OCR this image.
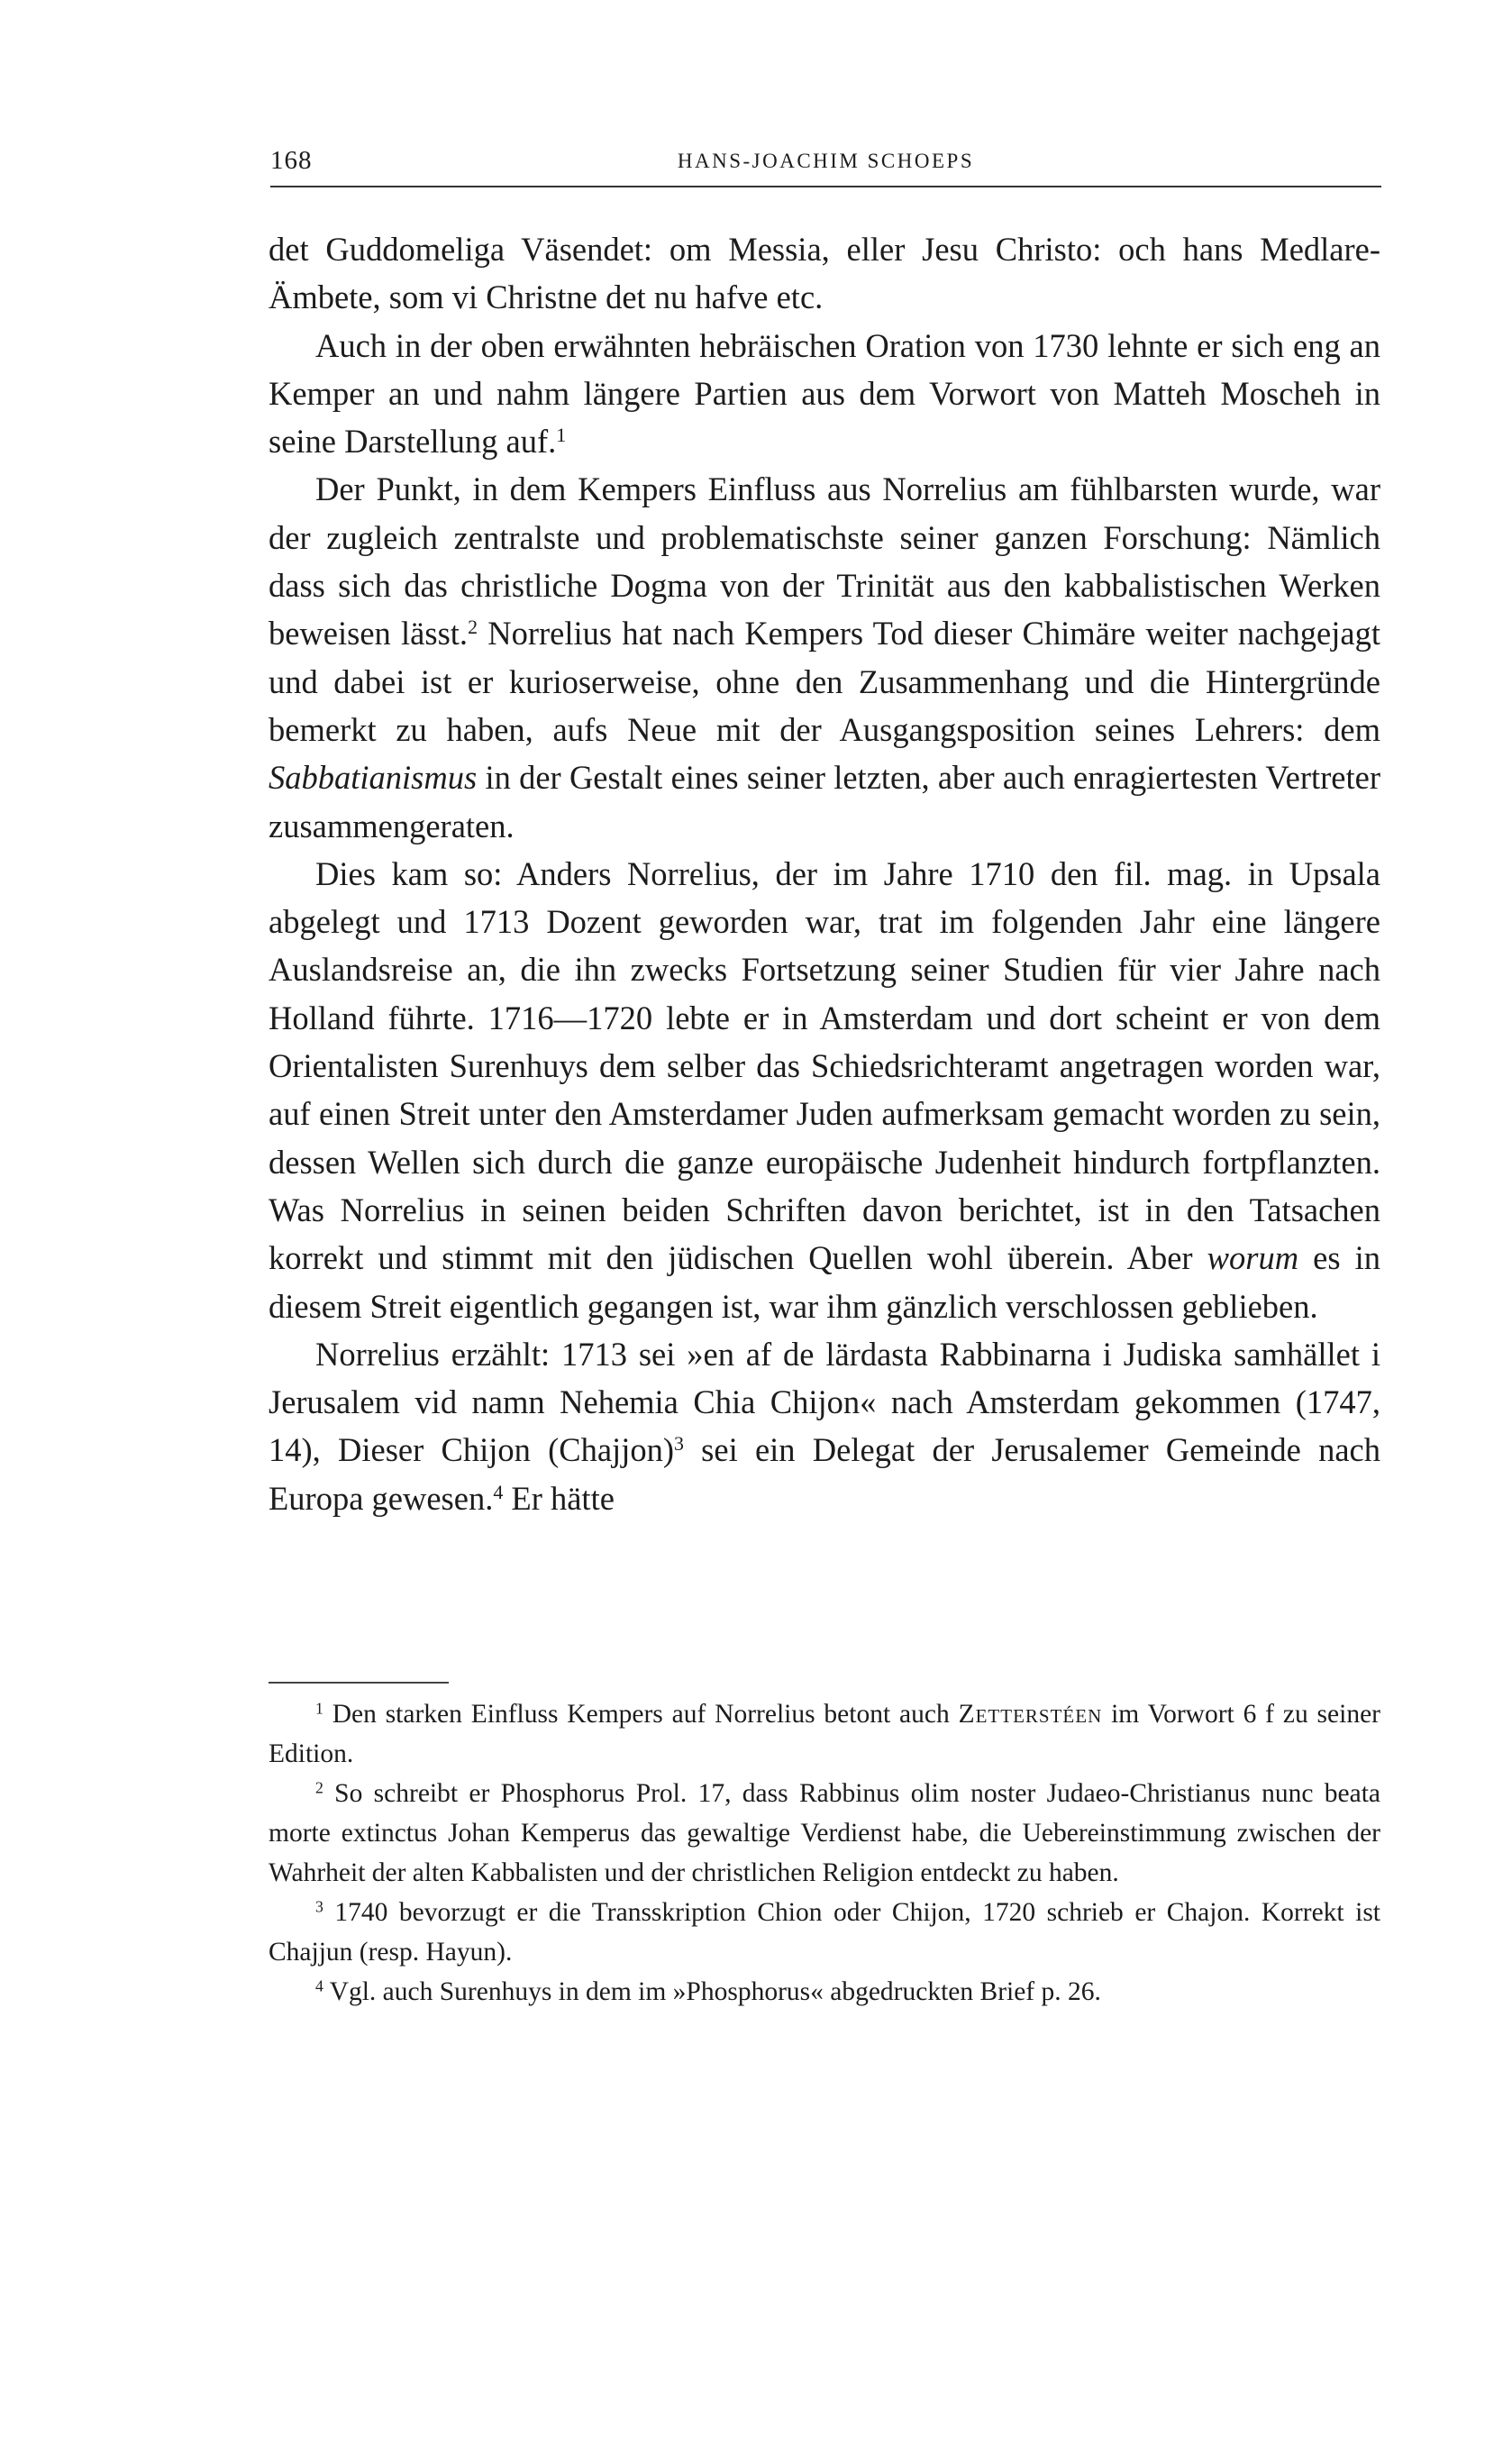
168	HANS-JOACHIM SCHOEPS

det Guddomeliga Väsendet: om Messia, eller Jesu Christo: och hans Medlare-Ämbete, som vi Christne det nu hafve etc.

Auch in der oben erwähnten hebräischen Oration von 1730 lehnte er sich eng an Kemper an und nahm längere Partien aus dem Vorwort von Matteh Moscheh in seine Darstellung auf.$^1$

Der Punkt, in dem Kempers Einfluss aus Norrelius am fühlbarsten wurde, war der zugleich zentralste und problematischste seiner ganzen Forschung: Nämlich dass sich das christliche Dogma von der Trinität aus den kabbalistischen Werken beweisen lässt.$^2$ Norrelius hat nach Kempers Tod dieser Chimäre weiter nachgejagt und dabei ist er kurioserweise, ohne den Zusammenhang und die Hintergründe bemerkt zu haben, aufs Neue mit der Ausgangsposition seines Lehrers: dem Sabbatianismus in der Gestalt eines seiner letzten, aber auch enragiertesten Vertreter zusammengeraten.

Dies kam so: Anders Norrelius, der im Jahre 1710 den fil. mag. in Upsala abgelegt und 1713 Dozent geworden war, trat im folgenden Jahr eine längere Auslandsreise an, die ihn zwecks Fortsetzung seiner Studien für vier Jahre nach Holland führte. 1716—1720 lebte er in Amsterdam und dort scheint er von dem Orientalisten Surenhuys dem selber das Schiedsrichteramt angetragen worden war, auf einen Streit unter den Amsterdamer Juden aufmerksam gemacht worden zu sein, dessen Wellen sich durch die ganze europäische Judenheit hindurch fortpflanzten. Was Norrelius in seinen beiden Schriften davon berichtet, ist in den Tatsachen korrekt und stimmt mit den jüdischen Quellen wohl überein. Aber worum es in diesem Streit eigentlich gegangen ist, war ihm gänzlich verschlossen geblieben.

Norrelius erzählt: 1713 sei »en af de lärdasta Rabbinarna i Judiska samhället i Jerusalem vid namn Nehemia Chia Chijon« nach Amsterdam gekommen (1747, 14), Dieser Chijon (Chajjon)$^3$ sei ein Delegat der Jerusalemer Gemeinde nach Europa gewesen.$^4$ Er hätte

$^1$ Den starken Einfluss Kempers auf Norrelius betont auch Zetterstéen im Vorwort 6 f zu seiner Edition.

$^2$ So schreibt er Phosphorus Prol. 17, dass Rabbinus olim noster Judaeo-Christianus nunc beata morte extinctus Johan Kemperus das gewaltige Verdienst habe, die Uebereinstimmung zwischen der Wahrheit der alten Kabbalisten und der christlichen Religion entdeckt zu haben.

$^3$ 1740 bevorzugt er die Transskription Chion oder Chijon, 1720 schrieb er Chajon. Korrekt ist Chajjun (resp. Hayun).

$^4$ Vgl. auch Surenhuys in dem im »Phosphorus« abgedruckten Brief p. 26.
